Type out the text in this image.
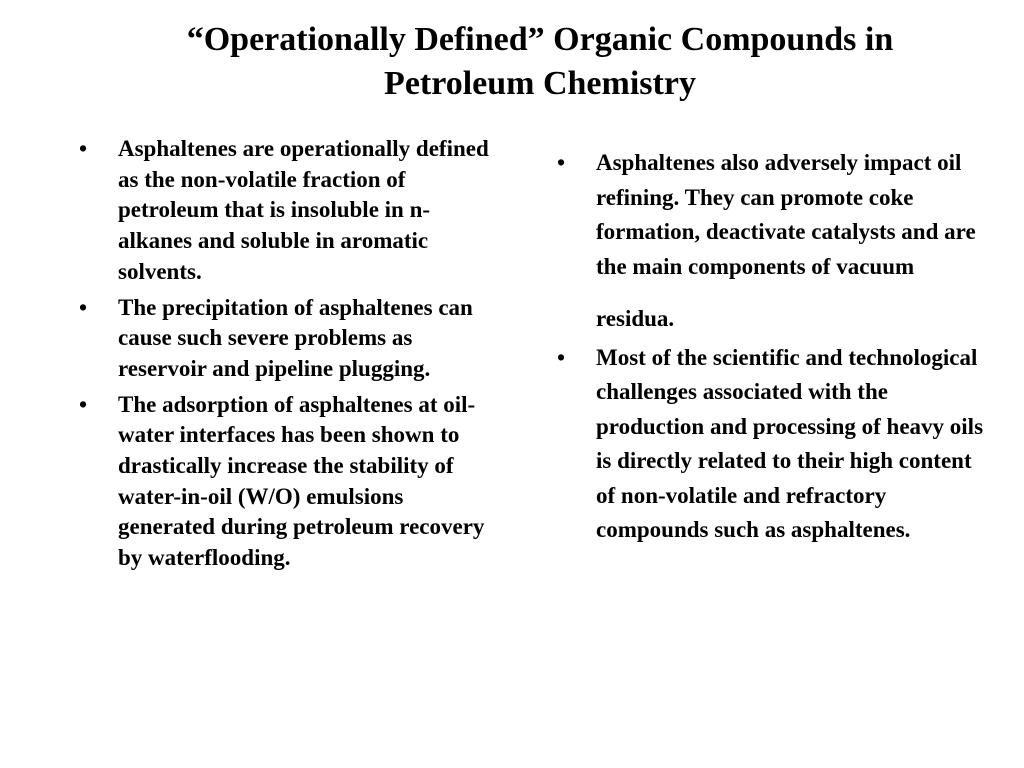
“Operationally Defined” Organic Compounds in
Petroleum Chemistry
• Asphaltenes are operationally defined as the non-volatile fraction of petroleum that is insoluble in n-alkanes and soluble in aromatic solvents.
• The precipitation of asphaltenes can cause such severe problems as reservoir and pipeline plugging.
• The adsorption of asphaltenes at oil-water interfaces has been shown to drastically increase the stability of water-in-oil (W/O) emulsions generated during petroleum recovery by waterflooding.
• Asphaltenes also adversely impact oil refining. They can promote coke formation, deactivate catalysts and are the main components of vacuum
residua.
• Most of the scientific and technological challenges associated with the production and processing of heavy oils is directly related to their high content of non-volatile and refractory compounds such as asphaltenes.
